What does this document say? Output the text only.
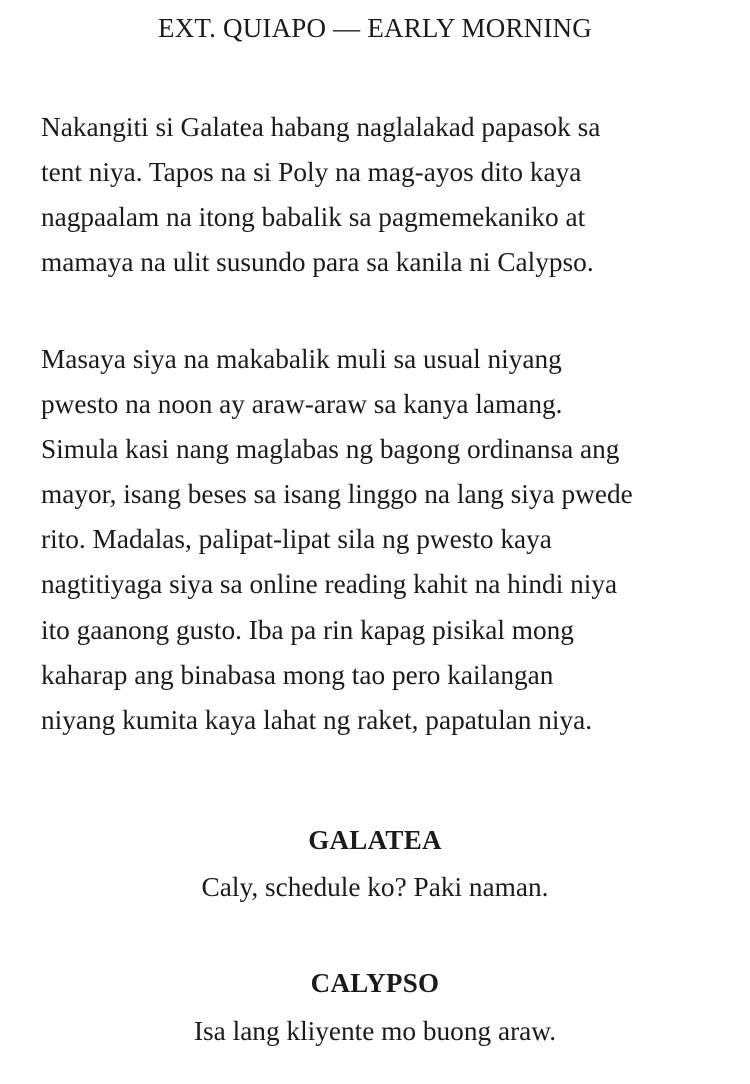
EXT. QUIAPO — EARLY MORNING

Nakangiti si Galatea habang naglalakad papasok sa
tent niya. Tapos na si Poly na mag-ayos dito kaya
nagpaalam na itong babalik sa pagmemekaniko at
mamaya na ulit susundo para sa kanila ni Calypso.

Masaya siya na makabalik muli sa usual niyang
pwesto na noon ay araw-araw sa kanya lamang.
Simula kasi nang maglabas ng bagong ordinansa ang
mayor, isang beses sa isang linggo na lang siya pwede
rito. Madalas, palipat-lipat sila ng pwesto kaya
nagtitiyaga siya sa online reading kahit na hindi niya
ito gaanong gusto. Iba pa rin kapag pisikal mong
kaharap ang binabasa mong tao pero kailangan
niyang kumita kaya lahat ng raket, papatulan niya.

GALATEA
Caly, schedule ko? Paki naman.
CALYPSO
Isa lang kliyente mo buong araw.
